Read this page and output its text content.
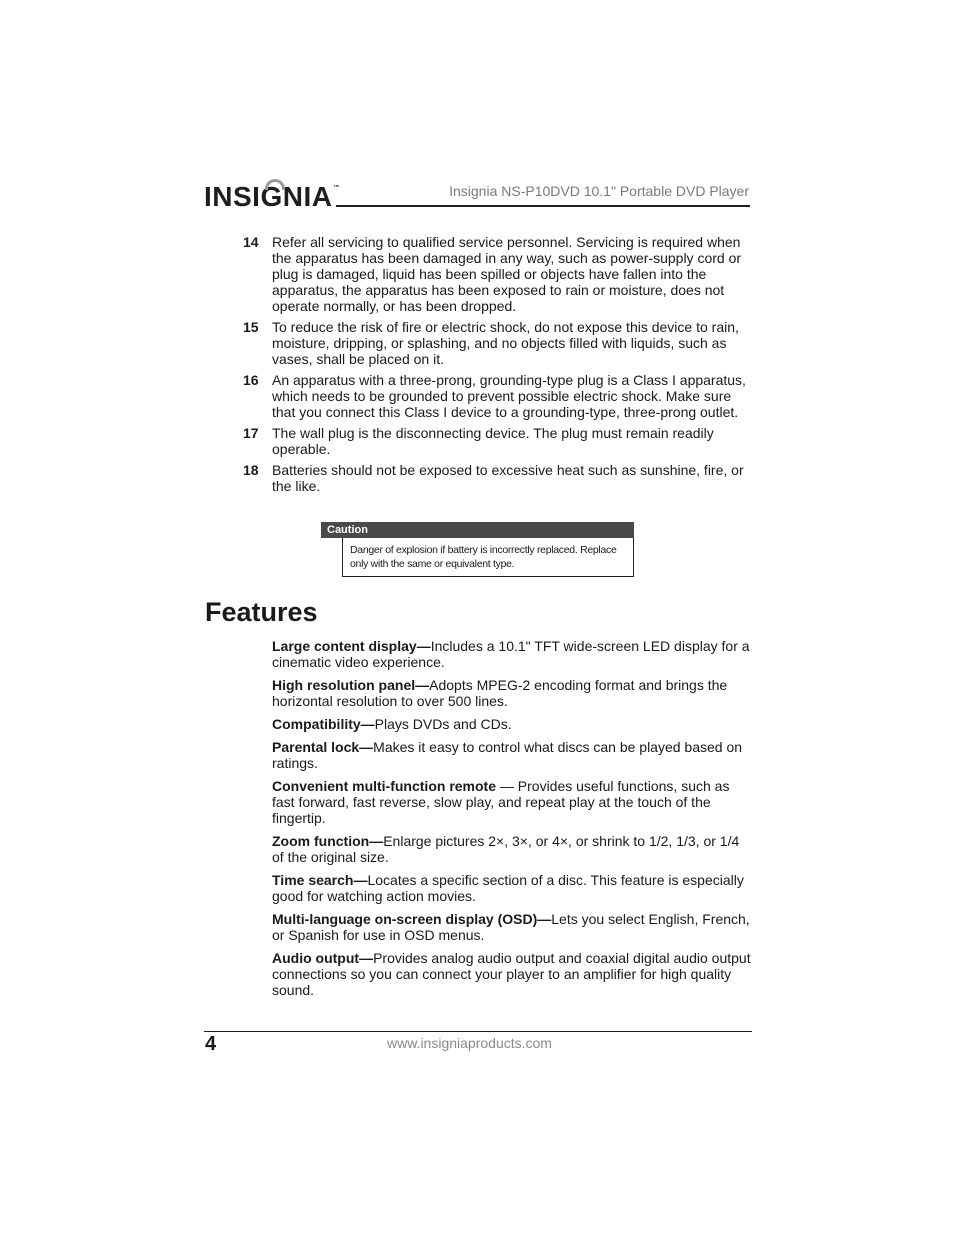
INSIGNIA™	Insignia NS-P10DVD 10.1" Portable DVD Player
14 Refer all servicing to qualified service personnel. Servicing is required when the apparatus has been damaged in any way, such as power-supply cord or plug is damaged, liquid has been spilled or objects have fallen into the apparatus, the apparatus has been exposed to rain or moisture, does not operate normally, or has been dropped.
15 To reduce the risk of fire or electric shock, do not expose this device to rain, moisture, dripping, or splashing, and no objects filled with liquids, such as vases, shall be placed on it.
16 An apparatus with a three-prong, grounding-type plug is a Class I apparatus, which needs to be grounded to prevent possible electric shock. Make sure that you connect this Class I device to a grounding-type, three-prong outlet.
17 The wall plug is the disconnecting device. The plug must remain readily operable.
18 Batteries should not be exposed to excessive heat such as sunshine, fire, or the like.
Caution
Danger of explosion if battery is incorrectly replaced. Replace only with the same or equivalent type.
Features
Large content display—Includes a 10.1" TFT wide-screen LED display for a cinematic video experience.
High resolution panel—Adopts MPEG-2 encoding format and brings the horizontal resolution to over 500 lines.
Compatibility—Plays DVDs and CDs.
Parental lock—Makes it easy to control what discs can be played based on ratings.
Convenient multi-function remote — Provides useful functions, such as fast forward, fast reverse, slow play, and repeat play at the touch of the fingertip.
Zoom function—Enlarge pictures 2×, 3×, or 4×, or shrink to 1/2, 1/3, or 1/4 of the original size.
Time search—Locates a specific section of a disc. This feature is especially good for watching action movies.
Multi-language on-screen display (OSD)—Lets you select English, French, or Spanish for use in OSD menus.
Audio output—Provides analog audio output and coaxial digital audio output connections so you can connect your player to an amplifier for high quality sound.
4	www.insigniaproducts.com
